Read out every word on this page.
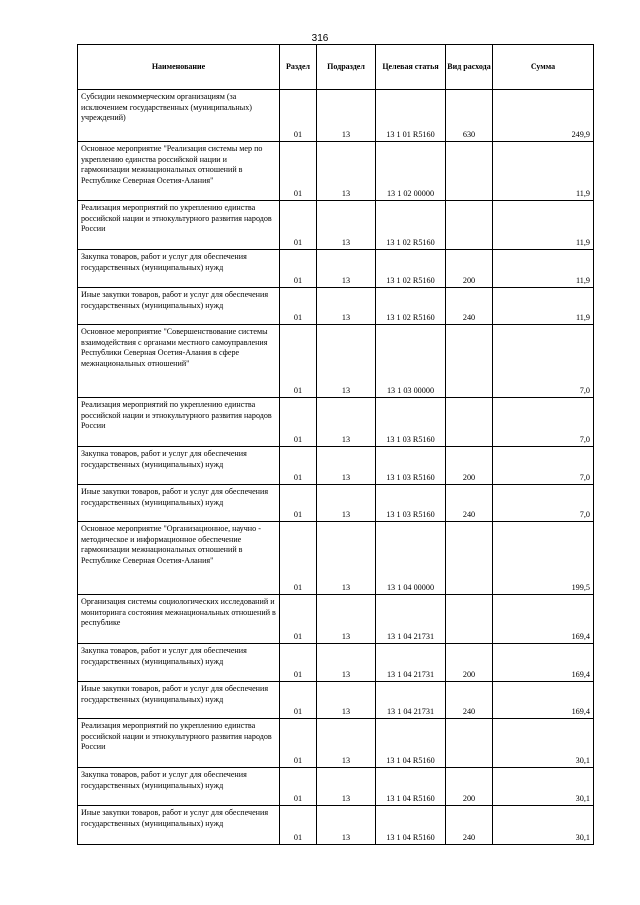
316
Наименование	Раздел	Подраздел	Целевая статья	Вид расхода	Сумма
Субсидии некоммерческим организациям (за исключением государственных (муниципальных) учреждений)	01	13	13 1 01 R5160	630	249,9
Основное мероприятие "Реализация системы мер по укреплению единства российской нации и гармонизации межнациональных отношений в Республике Северная Осетия-Алания"	01	13	13 1 02 00000		11,9
Реализация мероприятий по укреплению единства российской нации и этнокультурного развития народов России	01	13	13 1 02 R5160		11,9
Закупка товаров, работ и услуг для обеспечения государственных (муниципальных) нужд	01	13	13 1 02 R5160	200	11,9
Иные закупки товаров, работ и услуг для обеспечения государственных (муниципальных) нужд	01	13	13 1 02 R5160	240	11,9
Основное мероприятие "Совершенствование системы взаимодействия с органами местного самоуправления Республики Северная Осетия-Алания в сфере межнациональных отношений"	01	13	13 1 03 00000		7,0
Реализация мероприятий по укреплению единства российской нации и этнокультурного развития народов России	01	13	13 1 03 R5160		7,0
Закупка товаров, работ и услуг для обеспечения государственных (муниципальных) нужд	01	13	13 1 03 R5160	200	7,0
Иные закупки товаров, работ и услуг для обеспечения государственных (муниципальных) нужд	01	13	13 1 03 R5160	240	7,0
Основное мероприятие "Организационное, научно - методическое и информационное обеспечение гармонизации межнациональных отношений в Республике Северная Осетия-Алания"	01	13	13 1 04 00000		199,5
Организация системы социологических исследований и мониторинга состояния межнациональных отношений в республике	01	13	13 1 04 21731		169,4
Закупка товаров, работ и услуг для обеспечения государственных (муниципальных) нужд	01	13	13 1 04 21731	200	169,4
Иные закупки товаров, работ и услуг для обеспечения государственных (муниципальных) нужд	01	13	13 1 04 21731	240	169,4
Реализация мероприятий по укреплению единства российской нации и этнокультурного развития народов России	01	13	13 1 04 R5160		30,1
Закупка товаров, работ и услуг для обеспечения государственных (муниципальных) нужд	01	13	13 1 04 R5160	200	30,1
Иные закупки товаров, работ и услуг для обеспечения государственных (муниципальных) нужд	01	13	13 1 04 R5160	240	30,1
